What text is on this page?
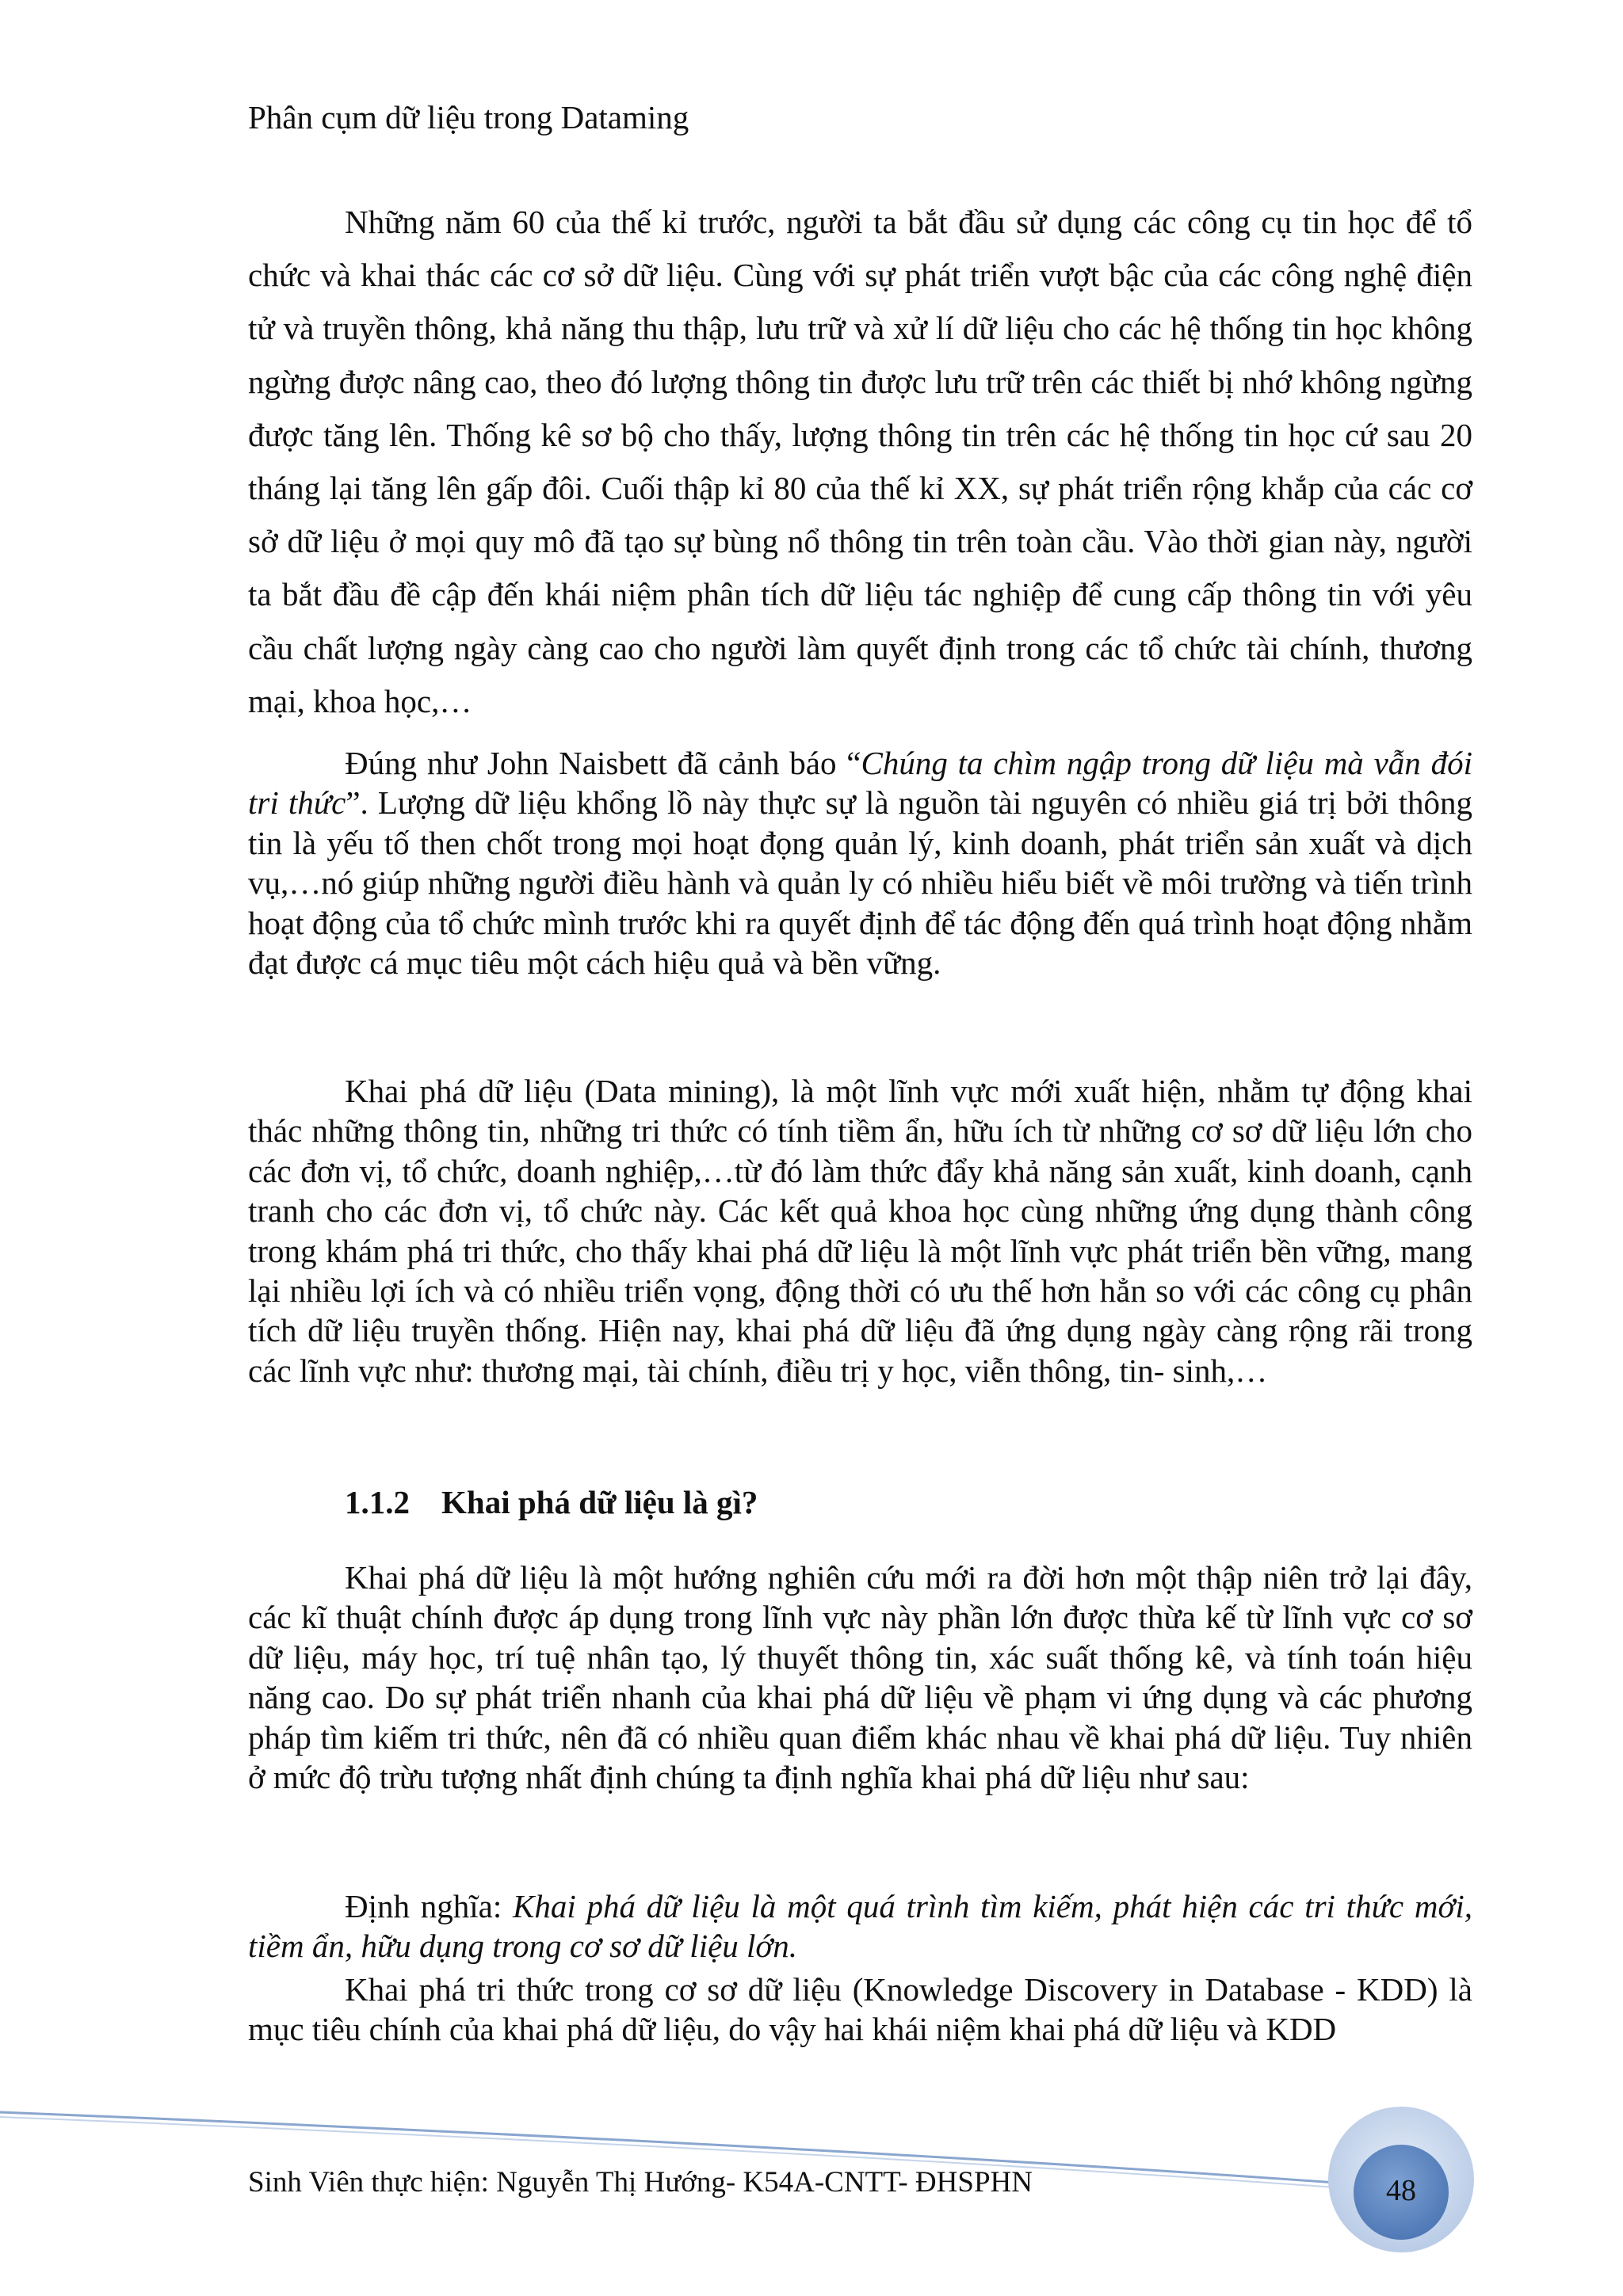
Phân cụm dữ liệu trong Dataming

Những năm 60 của thế kỉ trước, người ta bắt đầu sử dụng các công cụ tin học để tổ chức và khai thác các cơ sở dữ liệu. Cùng với sự phát triển vượt bậc của các công nghệ điện tử và truyền thông, khả năng thu thập, lưu trữ và xử lí dữ liệu cho các hệ thống tin học không ngừng được nâng cao, theo đó lượng thông tin được lưu trữ trên các thiết bị nhớ không ngừng được tăng lên. Thống kê sơ bộ cho thấy, lượng thông tin trên các hệ thống tin học cứ sau 20 tháng lại tăng lên gấp đôi. Cuối thập kỉ 80 của thế kỉ XX, sự phát triển rộng khắp của các cơ sở dữ liệu ở mọi quy mô đã tạo sự bùng nổ thông tin trên toàn cầu. Vào thời gian này, người ta bắt đầu đề cập đến khái niệm phân tích dữ liệu tác nghiệp để cung cấp thông tin với yêu cầu chất lượng ngày càng cao cho người làm quyết định trong các tổ chức tài chính, thương mại, khoa học,…

Đúng như John Naisbett đã cảnh báo “Chúng ta chìm ngập trong dữ liệu mà vẫn đói tri thức”. Lượng dữ liệu khổng lồ này thực sự là nguồn tài nguyên có nhiều giá trị bởi thông tin là yếu tố then chốt trong mọi hoạt đọng quản lý, kinh doanh, phát triển sản xuất và dịch vụ,…nó giúp những người điều hành và quản ly có nhiều hiểu biết về môi trường và tiến trình hoạt động của tổ chức mình trước khi ra quyết định để tác động đến quá trình hoạt động nhằm đạt được cá mục tiêu một cách hiệu quả và bền vững.

Khai phá dữ liệu (Data mining), là một lĩnh vực mới xuất hiện, nhằm tự động khai thác những thông tin, những tri thức có tính tiềm ẩn, hữu ích từ những cơ sơ dữ liệu lớn cho các đơn vị, tổ chức, doanh nghiệp,…từ đó làm thức đẩy khả năng sản xuất, kinh doanh, cạnh tranh cho các đơn vị, tổ chức này. Các kết quả khoa học cùng những ứng dụng thành công trong khám phá tri thức, cho thấy khai phá dữ liệu là một lĩnh vực phát triển bền vững, mang lại nhiều lợi ích và có nhiều triển vọng, động thời có ưu thế hơn hẳn so với các công cụ phân tích dữ liệu truyền thống. Hiện nay, khai phá dữ liệu đã ứng dụng ngày càng rộng rãi trong các lĩnh vực như: thương mại, tài chính, điều trị y học, viễn thông, tin- sinh,…

1.1.2 Khai phá dữ liệu là gì?

Khai phá dữ liệu là một hướng nghiên cứu mới ra đời hơn một thập niên trở lại đây, các kĩ thuật chính được áp dụng trong lĩnh vực này phần lớn được thừa kế từ lĩnh vực cơ sơ dữ liệu, máy học, trí tuệ nhân tạo, lý thuyết thông tin, xác suất thống kê, và tính toán hiệu năng cao. Do sự phát triển nhanh của khai phá dữ liệu về phạm vi ứng dụng và các phương pháp tìm kiếm tri thức, nên đã có nhiều quan điểm khác nhau về khai phá dữ liệu. Tuy nhiên ở mức độ trừu tượng nhất định chúng ta định nghĩa khai phá dữ liệu như sau:

Định nghĩa: Khai phá dữ liệu là một quá trình tìm kiếm, phát hiện các tri thức mới, tiềm ẩn, hữu dụng trong cơ sơ dữ liệu lớn.

Khai phá tri thức trong cơ sơ dữ liệu (Knowledge Discovery in Database - KDD) là mục tiêu chính của khai phá dữ liệu, do vậy hai khái niệm khai phá dữ liệu và KDD

Sinh Viên thực hiện: Nguyễn Thị Hướng- K54A-CNTT- ĐHSPHN	48
